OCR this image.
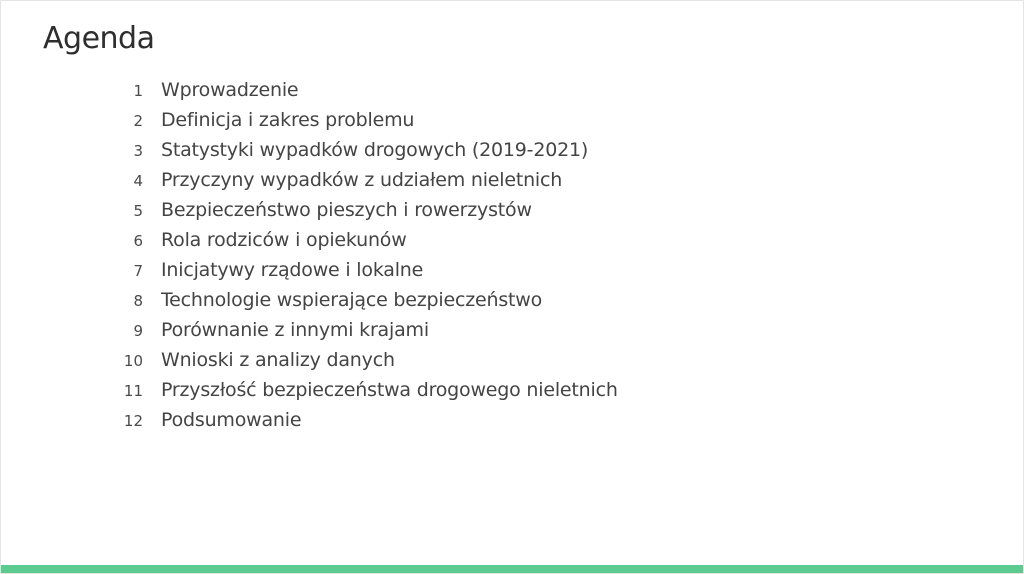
Agenda
1 Wprowadzenie
2 Definicja i zakres problemu
3 Statystyki wypadków drogowych (2019-2021)
4 Przyczyny wypadków z udziałem nieletnich
5 Bezpieczeństwo pieszych i rowerzystów
6 Rola rodziców i opiekunów
7 Inicjatywy rządowe i lokalne
8 Technologie wspierające bezpieczeństwo
9 Porównanie z innymi krajami
10 Wnioski z analizy danych
11 Przyszłość bezpieczeństwa drogowego nieletnich
12 Podsumowanie
